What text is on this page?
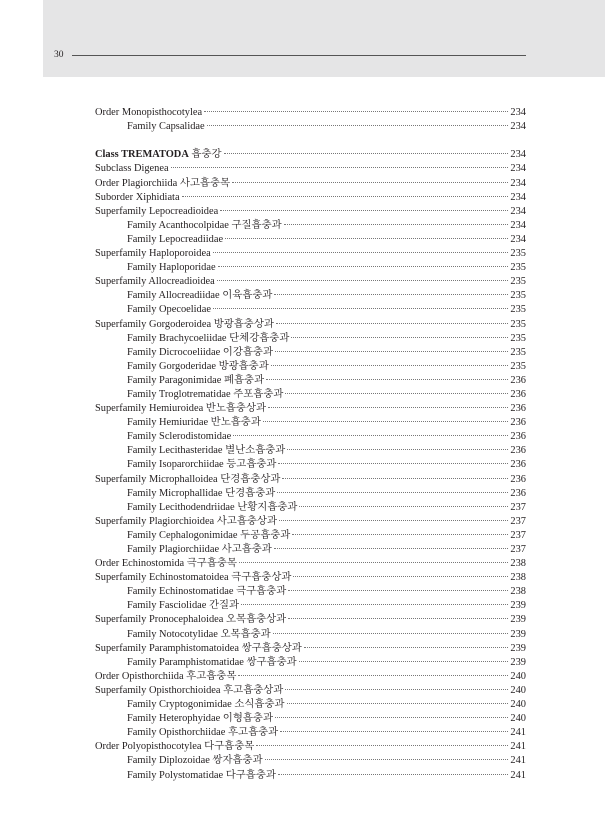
30
Order Monopisthocotylea	234
Family Capsalidae	234
Class TREMATODA 흡충강	234
Subclass Digenea	234
Order Plagiorchiida 사고흡충목	234
Suborder Xiphidiata	234
Superfamily Lepocreadioidea	234
Family Acanthocolpidae 구질흡충과	234
Family Lepocreadiidae	234
Superfamily Haploporoidea	235
Family Haploporidae	235
Superfamily Allocreadioidea	235
Family Allocreadiidae 이육흡충과	235
Family Opecoelidae	235
Superfamily Gorgoderoidea 방광흡충상과	235
Family Brachycoeliidae 단체강흡충과	235
Family Dicrocoeliidae 이강흡충과	235
Family Gorgoderidae 방광흡충과	235
Family Paragonimidae 폐흡충과	236
Family Troglotrematidae 주포흡충과	236
Superfamily Hemiuroidea 반노흡충상과	236
Family Hemiuridae 반노흡충과	236
Family Sclerodistomidae	236
Family Lecithasteridae 별난소흡충과	236
Family Isoparorchiidae 등고흡충과	236
Superfamily Microphalloidea 단경흡충상과	236
Family Microphallidae 단경흡충과	236
Family Lecithodendriidae 난황지흡충과	237
Superfamily Plagiorchioidea 사고흡충상과	237
Family Cephalogonimidae 두공흡충과	237
Family Plagiorchiidae 사고흡충과	237
Order Echinostomida 극구흡충목	238
Superfamily Echinostomatoidea 극구흡충상과	238
Family Echinostomatidae 극구흡충과	238
Family Fasciolidae 간질과	239
Superfamily Pronocephaloidea 오목흡충상과	239
Family Notocotylidae 오목흡충과	239
Superfamily Paramphistomatoidea 쌍구흡충상과	239
Family Paramphistomatidae 쌍구흡충과	239
Order Opisthorchiida 후고흡충목	240
Superfamily Opisthorchioidea 후고흡충상과	240
Family Cryptogonimidae 소식흡충과	240
Family Heterophyidae 이형흡충과	240
Family Opisthorchiidae 후고흡충과	241
Order Polyopisthocotylea 다구흡충목	241
Family Diplozoidae 쌍자흡충과	241
Family Polystomatidae 다구흡충과	241
